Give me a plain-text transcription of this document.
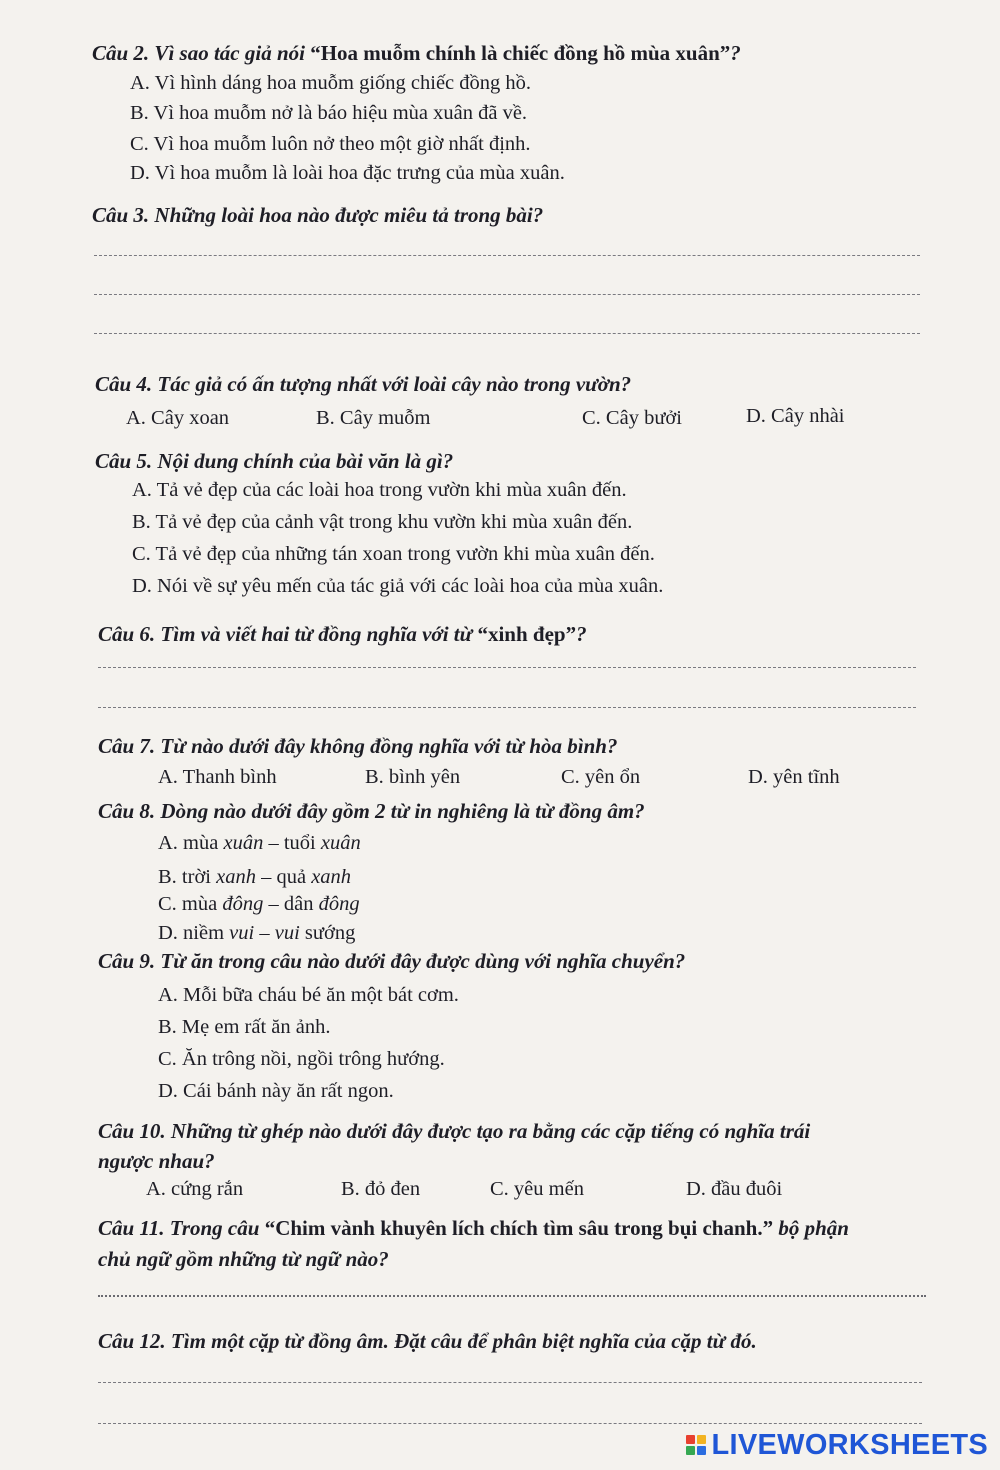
Câu 2. Vì sao tác giả nói “Hoa muỗm chính là chiếc đồng hồ mùa xuân”?
A. Vì hình dáng hoa muỗm giống chiếc đồng hồ.
B. Vì hoa muỗm nở là báo hiệu mùa xuân đã về.
C. Vì hoa muỗm luôn nở theo một giờ nhất định.
D. Vì hoa muỗm là loài hoa đặc trưng của mùa xuân.
Câu 3. Những loài hoa nào được miêu tả trong bài?
Câu 4. Tác giả có ấn tượng nhất với loài cây nào trong vườn?
A. Cây xoan	B. Cây muỗm	C. Cây bưởi	D. Cây nhài
Câu 5. Nội dung chính của bài văn là gì?
A. Tả vẻ đẹp của các loài hoa trong vườn khi mùa xuân đến.
B. Tả vẻ đẹp của cảnh vật trong khu vườn khi mùa xuân đến.
C. Tả vẻ đẹp của những tán xoan trong vườn khi mùa xuân đến.
D. Nói về sự yêu mến của tác giả với các loài hoa của mùa xuân.
Câu 6. Tìm và viết hai từ đồng nghĩa với từ “xinh đẹp”?
Câu 7. Từ nào dưới đây không đồng nghĩa với từ hòa bình?
A. Thanh bình	B. bình yên	C. yên ổn	D. yên tĩnh
Câu 8. Dòng nào dưới đây gồm 2 từ in nghiêng là từ đồng âm?
A. mùa xuân – tuổi xuân
B. trời xanh – quả xanh
C. mùa đông – dân đông
D. niềm vui – vui sướng
Câu 9. Từ ăn trong câu nào dưới đây được dùng với nghĩa chuyển?
A. Mỗi bữa cháu bé ăn một bát cơm.
B. Mẹ em rất ăn ảnh.
C. Ăn trông nồi, ngồi trông hướng.
D. Cái bánh này ăn rất ngon.
Câu 10. Những từ ghép nào dưới đây được tạo ra bằng các cặp tiếng có nghĩa trái
ngược nhau?
A. cứng rắn	B. đỏ đen	C. yêu mến	D. đầu đuôi
Câu 11. Trong câu “Chim vành khuyên lích chích tìm sâu trong bụi chanh.” bộ phận
chủ ngữ gồm những từ ngữ nào?
Câu 12. Tìm một cặp từ đồng âm. Đặt câu để phân biệt nghĩa của cặp từ đó.
LIVEWORKSHEETS
